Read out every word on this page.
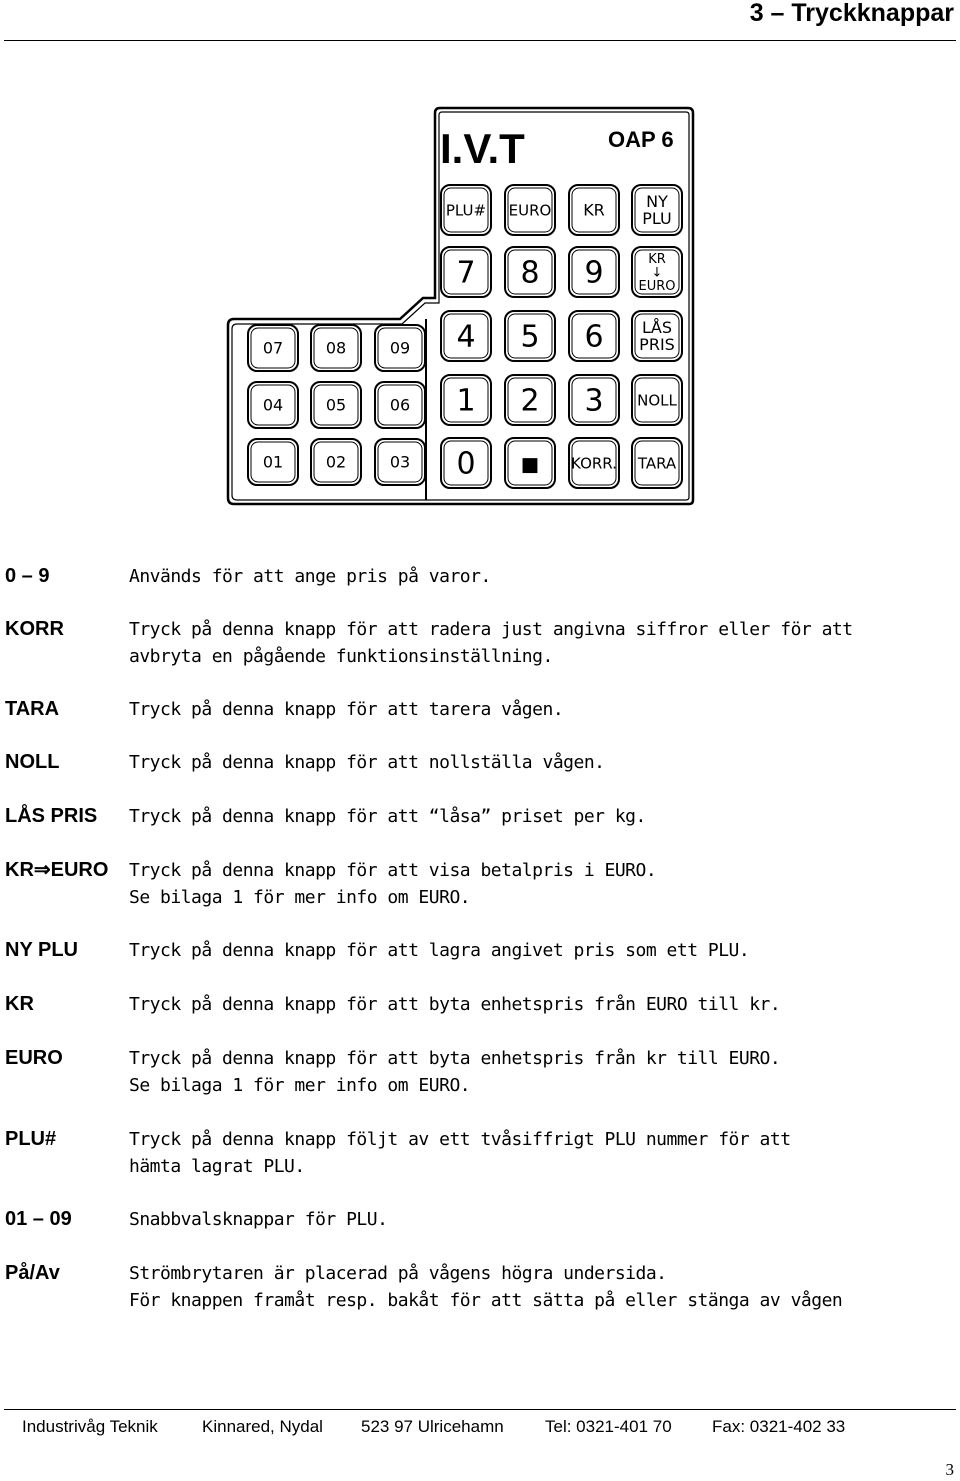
3 – Tryckknappar
I.V.T	OAP 6
PLU# EURO KR	NY
PLU
7 8 9	KR
↓
EURO
4 5 6 LÅS
PRIS
1 2 3 NOLL
0 ▪ KORR. TARA
07	08	09
04	05	06
01	02	03
0 – 9	Används för att ange pris på varor.
KORR	Tryck på denna knapp för att radera just angivna siffror eller för att
avbryta en pågående funktionsinställning.
TARA	Tryck på denna knapp för att tarera vågen.
NOLL	Tryck på denna knapp för att nollställa vågen.
LÅS PRIS	Tryck på denna knapp för att “låsa” priset per kg.
KR⇒EURO	Tryck på denna knapp för att visa betalpris i EURO.
Se bilaga 1 för mer info om EURO.
NY PLU	Tryck på denna knapp för att lagra angivet pris som ett PLU.
KR	Tryck på denna knapp för att byta enhetspris från EURO till kr.
EURO	Tryck på denna knapp för att byta enhetspris från kr till EURO.
Se bilaga 1 för mer info om EURO.
PLU#	Tryck på denna knapp följt av ett tvåsiffrigt PLU nummer för att
hämta lagrat PLU.
01 – 09	Snabbvalsknappar för PLU.
På/Av	Strömbrytaren är placerad på vågens högra undersida.
För knappen framåt resp. bakåt för att sätta på eller stänga av vågen
Industrivåg Teknik	Kinnared, Nydal 523 97 Ulricehamn Tel: 0321-401 70 Fax: 0321-402 33
3
